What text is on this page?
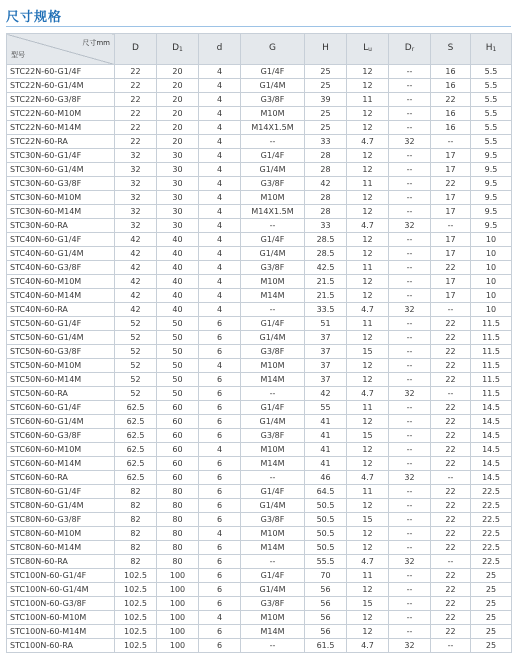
尺寸规格
尺寸mm
型号	D	$D_1$	d	G	H	$L_u$	$D_r$	S	$H_1$
STC22N-60-G1/4F	22	20	4	G1/4F	25	12	--	16	5.5
STC22N-60-G1/4M	22	20	4	G1/4M	25	12	--	16	5.5
STC22N-60-G3/8F	22	20	4	G3/8F	39	11	--	22	5.5
STC22N-60-M10M	22	20	4	M10M	25	12	--	16	5.5
STC22N-60-M14M	22	20	4	M14X1.5M	25	12	--	16	5.5
STC22N-60-RA	22	20	4	--	33	4.7	32	--	5.5
STC30N-60-G1/4F	32	30	4	G1/4F	28	12	--	17	9.5
STC30N-60-G1/4M	32	30	4	G1/4M	28	12	--	17	9.5
STC30N-60-G3/8F	32	30	4	G3/8F	42	11	--	22	9.5
STC30N-60-M10M	32	30	4	M10M	28	12	--	17	9.5
STC30N-60-M14M	32	30	4	M14X1.5M	28	12	--	17	9.5
STC30N-60-RA	32	30	4	--	33	4.7	32	--	9.5
STC40N-60-G1/4F	42	40	4	G1/4F	28.5	12	--	17	10
STC40N-60-G1/4M	42	40	4	G1/4M	28.5	12	--	17	10
STC40N-60-G3/8F	42	40	4	G3/8F	42.5	11	--	22	10
STC40N-60-M10M	42	40	4	M10M	21.5	12	--	17	10
STC40N-60-M14M	42	40	4	M14M	21.5	12	--	17	10
STC40N-60-RA	42	40	4	--	33.5	4.7	32	--	10
STC50N-60-G1/4F	52	50	6	G1/4F	51	11	--	22	11.5
STC50N-60-G1/4M	52	50	6	G1/4M	37	12	--	22	11.5
STC50N-60-G3/8F	52	50	6	G3/8F	37	15	--	22	11.5
STC50N-60-M10M	52	50	4	M10M	37	12	--	22	11.5
STC50N-60-M14M	52	50	6	M14M	37	12	--	22	11.5
STC50N-60-RA	52	50	6	--	42	4.7	32	--	11.5
STC60N-60-G1/4F	62.5	60	6	G1/4F	55	11	--	22	14.5
STC60N-60-G1/4M	62.5	60	6	G1/4M	41	12	--	22	14.5
STC60N-60-G3/8F	62.5	60	6	G3/8F	41	15	--	22	14.5
STC60N-60-M10M	62.5	60	4	M10M	41	12	--	22	14.5
STC60N-60-M14M	62.5	60	6	M14M	41	12	--	22	14.5
STC60N-60-RA	62.5	60	6	--	46	4.7	32	--	14.5
STC80N-60-G1/4F	82	80	6	G1/4F	64.5	11	--	22	22.5
STC80N-60-G1/4M	82	80	6	G1/4M	50.5	12	--	22	22.5
STC80N-60-G3/8F	82	80	6	G3/8F	50.5	15	--	22	22.5
STC80N-60-M10M	82	80	4	M10M	50.5	12	--	22	22.5
STC80N-60-M14M	82	80	6	M14M	50.5	12	--	22	22.5
STC80N-60-RA	82	80	6	--	55.5	4.7	32	--	22.5
STC100N-60-G1/4F	102.5	100	6	G1/4F	70	11	--	22	25
STC100N-60-G1/4M	102.5	100	6	G1/4M	56	12	--	22	25
STC100N-60-G3/8F	102.5	100	6	G3/8F	56	15	--	22	25
STC100N-60-M10M	102.5	100	4	M10M	56	12	--	22	25
STC100N-60-M14M	102.5	100	6	M14M	56	12	--	22	25
STC100N-60-RA	102.5	100	6	--	61.5	4.7	32	--	25
